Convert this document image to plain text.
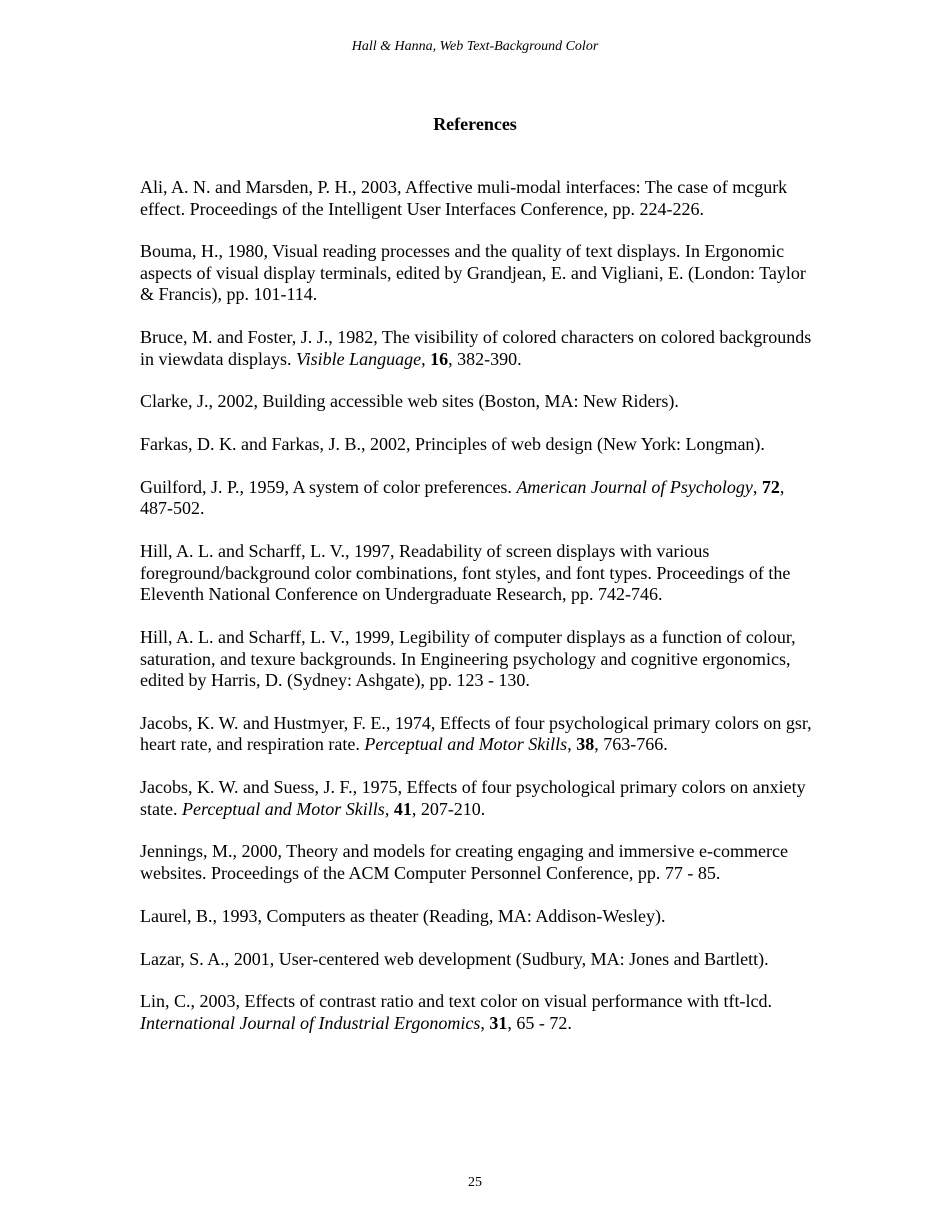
Hall & Hanna, Web Text-Background Color
References

Ali, A. N. and Marsden, P. H., 2003, Affective muli-modal interfaces: The case of mcgurk effect. Proceedings of the Intelligent User Interfaces Conference, pp. 224-226.

Bouma, H., 1980, Visual reading processes and the quality of text displays. In Ergonomic aspects of visual display terminals, edited by Grandjean, E. and Vigliani, E. (London: Taylor & Francis), pp. 101-114.

Bruce, M. and Foster, J. J., 1982, The visibility of colored characters on colored backgrounds in viewdata displays. Visible Language, 16, 382-390.

Clarke, J., 2002, Building accessible web sites (Boston, MA: New Riders).

Farkas, D. K. and Farkas, J. B., 2002, Principles of web design (New York: Longman).

Guilford, J. P., 1959, A system of color preferences. American Journal of Psychology, 72, 487-502.

Hill, A. L. and Scharff, L. V., 1997, Readability of screen displays with various foreground/background color combinations, font styles, and font types. Proceedings of the Eleventh National Conference on Undergraduate Research, pp. 742-746.

Hill, A. L. and Scharff, L. V., 1999, Legibility of computer displays as a function of colour, saturation, and texure backgrounds. In Engineering psychology and cognitive ergonomics, edited by Harris, D. (Sydney: Ashgate), pp. 123 - 130.

Jacobs, K. W. and Hustmyer, F. E., 1974, Effects of four psychological primary colors on gsr, heart rate, and respiration rate. Perceptual and Motor Skills, 38, 763-766.

Jacobs, K. W. and Suess, J. F., 1975, Effects of four psychological primary colors on anxiety state. Perceptual and Motor Skills, 41, 207-210.

Jennings, M., 2000, Theory and models for creating engaging and immersive e-commerce websites. Proceedings of the ACM Computer Personnel Conference, pp. 77 - 85.

Laurel, B., 1993, Computers as theater (Reading, MA: Addison-Wesley).

Lazar, S. A., 2001, User-centered web development (Sudbury, MA: Jones and Bartlett).

Lin, C., 2003, Effects of contrast ratio and text color on visual performance with tft-lcd. International Journal of Industrial Ergonomics, 31, 65 - 72.

25
